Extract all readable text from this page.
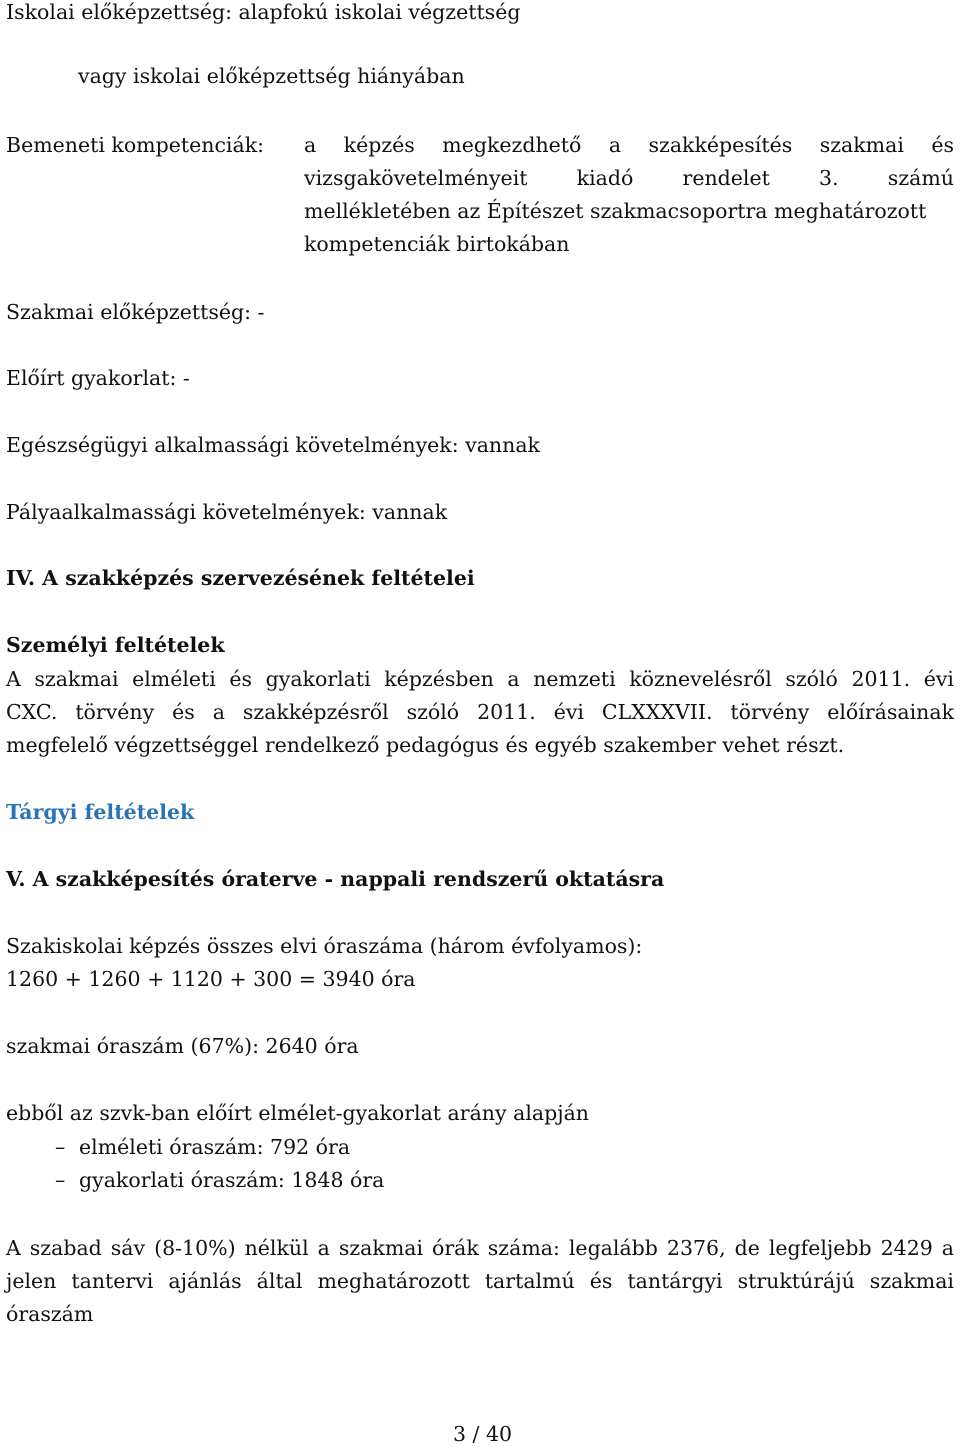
Iskolai előképzettség: alapfokú iskolai végzettség
vagy iskolai előképzettség hiányában
Bemeneti kompetenciák: a képzés megkezdhető a szakképesítés szakmai és
vizsgakövetelményeit kiadó rendelet 3. számú
mellékletében az Építészet szakmacsoportra meghatározott
kompetenciák birtokában
Szakmai előképzettség: -
Előírt gyakorlat: -
Egészségügyi alkalmassági követelmények: vannak
Pályaalkalmassági követelmények: vannak
IV. A szakképzés szervezésének feltételei
Személyi feltételek
A szakmai elméleti és gyakorlati képzésben a nemzeti köznevelésről szóló 2011. évi
CXC. törvény és a szakképzésről szóló 2011. évi CLXXXVII. törvény előírásainak
megfelelő végzettséggel rendelkező pedagógus és egyéb szakember vehet részt.
Tárgyi feltételek
V. A szakképesítés óraterve - nappali rendszerű oktatásra
Szakiskolai képzés összes elvi óraszáma (három évfolyamos):
1260 + 1260 + 1120 + 300 = 3940 óra
szakmai óraszám (67%): 2640 óra
ebből az szvk-ban előírt elmélet-gyakorlat arány alapján
– elméleti óraszám: 792 óra
– gyakorlati óraszám: 1848 óra
A szabad sáv (8-10%) nélkül a szakmai órák száma: legalább 2376, de legfeljebb 2429 a
jelen tantervi ajánlás által meghatározott tartalmú és tantárgyi struktúrájú szakmai
óraszám
3 / 40
